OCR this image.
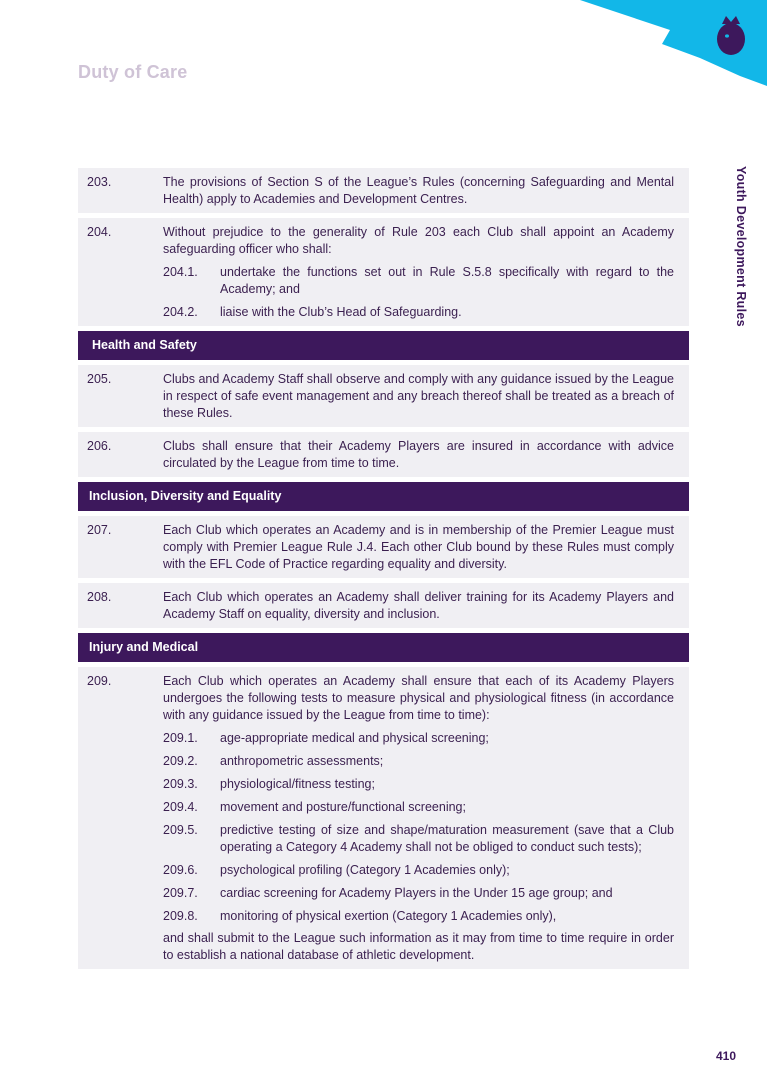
Duty of Care
Youth Development Rules
203.	The provisions of Section S of the League’s Rules (concerning Safeguarding and Mental Health) apply to Academies and Development Centres.
204.	Without prejudice to the generality of Rule 203 each Club shall appoint an Academy safeguarding officer who shall:
204.1.	undertake the functions set out in Rule S.5.8 specifically with regard to the Academy; and
204.2.	liaise with the Club’s Head of Safeguarding.
Health and Safety
205.	Clubs and Academy Staff shall observe and comply with any guidance issued by the League in respect of safe event management and any breach thereof shall be treated as a breach of these Rules.
206.	Clubs shall ensure that their Academy Players are insured in accordance with advice circulated by the League from time to time.
Inclusion, Diversity and Equality
207.	Each Club which operates an Academy and is in membership of the Premier League must comply with Premier League Rule J.4. Each other Club bound by these Rules must comply with the EFL Code of Practice regarding equality and diversity.
208.	Each Club which operates an Academy shall deliver training for its Academy Players and Academy Staff on equality, diversity and inclusion.
Injury and Medical
209.	Each Club which operates an Academy shall ensure that each of its Academy Players undergoes the following tests to measure physical and physiological fitness (in accordance with any guidance issued by the League from time to time):
209.1.	age-appropriate medical and physical screening;
209.2.	anthropometric assessments;
209.3.	physiological/fitness testing;
209.4.	movement and posture/functional screening;
209.5.	predictive testing of size and shape/maturation measurement (save that a Club operating a Category 4 Academy shall not be obliged to conduct such tests);
209.6.	psychological profiling (Category 1 Academies only);
209.7.	cardiac screening for Academy Players in the Under 15 age group; and
209.8.	monitoring of physical exertion (Category 1 Academies only),
and shall submit to the League such information as it may from time to time require in order to establish a national database of athletic development.
410
